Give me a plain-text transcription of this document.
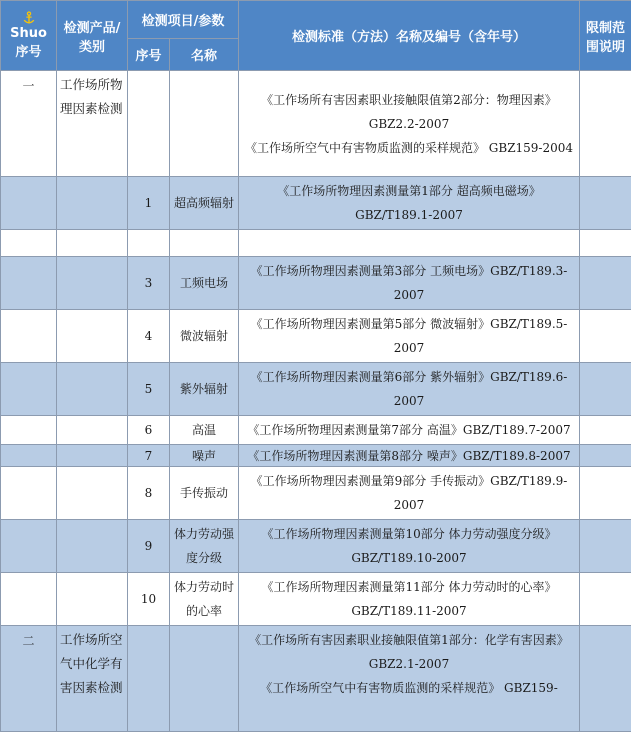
Shuo 序号	检测产品/类别	检测项目/参数		检测标准（方法）名称及编号（含年号）	限制范围说明
		序号	名称		
一	工作场所物理因素检测			《工作场所有害因素职业接触限值第2部分：物理因素》GBZ2.2-2007
《工作场所空气中有害物质监测的采样规范》 GBZ159-2004	

		1	超高频辐射	《工作场所物理因素测量第1部分 超高频电磁场》 GBZ/T189.1-2007	

		3	工频电场	《工作场所物理因素测量第3部分 工频电场》GBZ/T189.3-2007	

		4	微波辐射	《工作场所物理因素测量第5部分 微波辐射》GBZ/T189.5-2007	

		5	紫外辐射	《工作场所物理因素测量第6部分 紫外辐射》GBZ/T189.6-2007	

		6	高温	《工作场所物理因素测量第7部分 高温》GBZ/T189.7-2007	

		7	噪声	《工作场所物理因素测量第8部分 噪声》GBZ/T189.8-2007	

		8	手传振动	《工作场所物理因素测量第9部分 手传振动》GBZ/T189.9-2007	

		9	体力劳动强度分级	《工作场所物理因素测量第10部分 体力劳动强度分级》
GBZ/T189.10-2007	

		10	体力劳动时的心率	《工作场所物理因素测量第11部分 体力劳动时的心率》
GBZ/T189.11-2007	

二	工作场所空气中化学有害因素检测			《工作场所有害因素职业接触限值第1部分：化学有害因素》GBZ2.1-2007
《工作场所空气中有害物质监测的采样规范》 GBZ159-	
